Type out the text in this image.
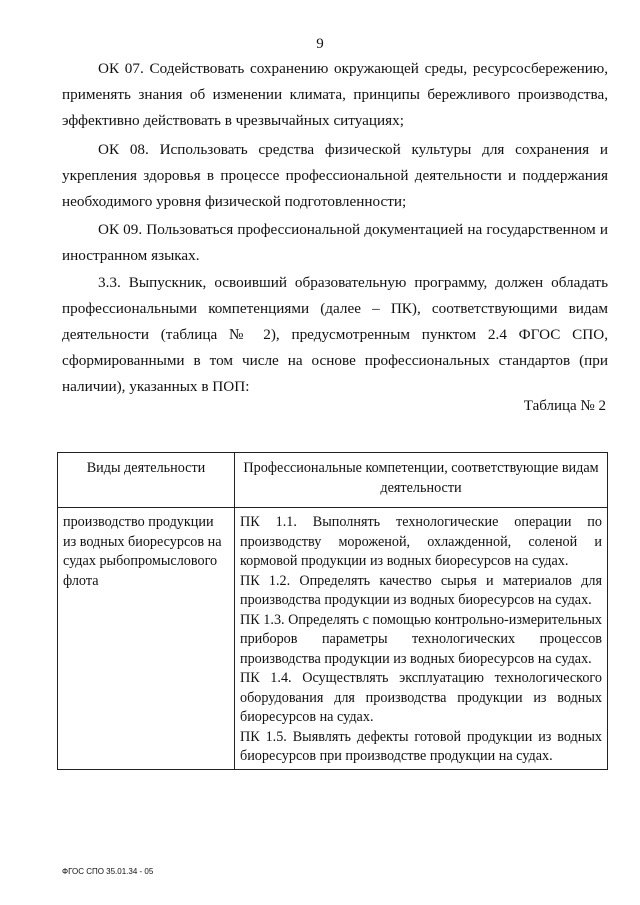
9

ОК 07. Содействовать сохранению окружающей среды, ресурсосбережению, применять знания об изменении климата, принципы бережливого производства, эффективно действовать в чрезвычайных ситуациях;

ОК 08. Использовать средства физической культуры для сохранения и укрепления здоровья в процессе профессиональной деятельности и поддержания необходимого уровня физической подготовленности;

ОК 09. Пользоваться профессиональной документацией на государственном и иностранном языках.

3.3. Выпускник, освоивший образовательную программу, должен обладать профессиональными компетенциями (далее – ПК), соответствующими видам деятельности (таблица № 2), предусмотренным пунктом 2.4 ФГОС СПО, сформированными в том числе на основе профессиональных стандартов (при наличии), указанных в ПОП:

Таблица № 2
Виды деятельности	Профессиональные компетенции, соответствующие видам деятельности
производство продукции из водных биоресурсов на судах рыбопромыслового флота	ПК 1.1. Выполнять технологические операции по производству мороженой, охлажденной, соленой и кормовой продукции из водных биоресурсов на судах.
ПК 1.2. Определять качество сырья и материалов для производства продукции из водных биоресурсов на судах.
ПК 1.3. Определять с помощью контрольно-измерительных приборов параметры технологических процессов производства продукции из водных биоресурсов на судах.
ПК 1.4. Осуществлять эксплуатацию технологического оборудования для производства продукции из водных биоресурсов на судах.
ПК 1.5. Выявлять дефекты готовой продукции из водных биоресурсов при производстве продукции на судах.
ФГОС СПО 35.01.34 - 05
